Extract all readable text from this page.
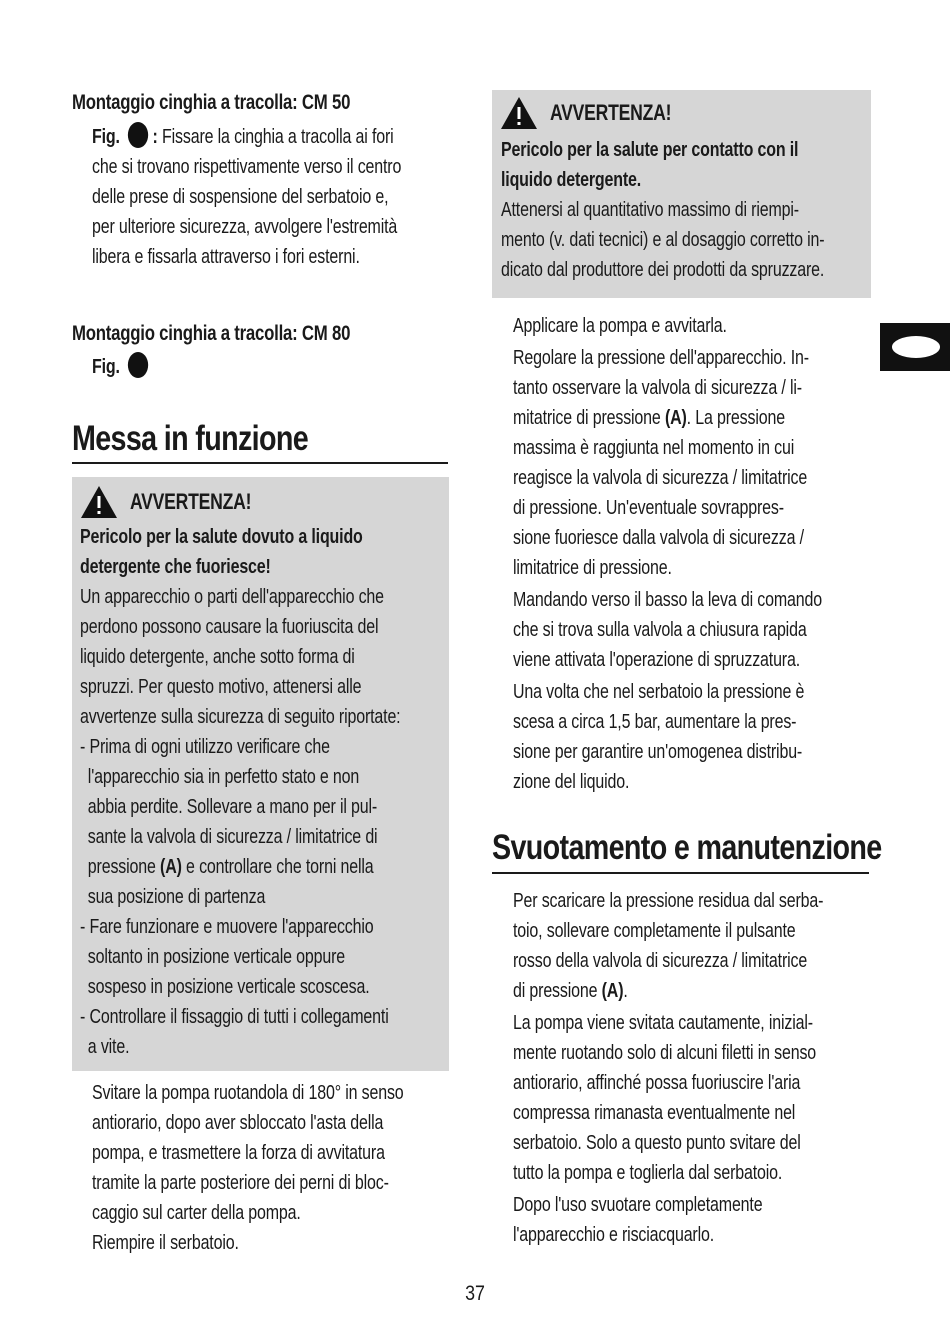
Montaggio cinghia a tracolla: CM 50
Fig. : Fissare la cinghia a tracolla ai fori
che si trovano rispettivamente verso il centro
delle prese di sospensione del serbatoio e,
per ulteriore sicurezza, avvolgere l'estremità
libera e fissarla attraverso i fori esterni.
Montaggio cinghia a tracolla: CM 80
Fig.
Messa in funzione
AVVERTENZA!
Pericolo per la salute dovuto a liquido
detergente che fuoriesce!
Un apparecchio o parti dell'apparecchio che
perdono possono causare la fuoriuscita del
liquido detergente, anche sotto forma di
spruzzi. Per questo motivo, attenersi alle
avvertenze sulla sicurezza di seguito riportate:
- Prima di ogni utilizzo verificare che
l'apparecchio sia in perfetto stato e non
abbia perdite. Sollevare a mano per il pul-
sante la valvola di sicurezza / limitatrice di
pressione (A) e controllare che torni nella
sua posizione di partenza
- Fare funzionare e muovere l'apparecchio
soltanto in posizione verticale oppure
sospeso in posizione verticale scoscesa.
- Controllare il fissaggio di tutti i collegamenti
a vite.
Svitare la pompa ruotandola di 180° in senso
antiorario, dopo aver sbloccato l'asta della
pompa, e trasmettere la forza di avvitatura
tramite la parte posteriore dei perni di bloc-
caggio sul carter della pompa.
Riempire il serbatoio.
AVVERTENZA!
Pericolo per la salute per contatto con il
liquido detergente.
Attenersi al quantitativo massimo di riempi-
mento (v. dati tecnici) e al dosaggio corretto in-
dicato dal produttore dei prodotti da spruzzare.
Applicare la pompa e avvitarla.
Regolare la pressione dell'apparecchio. In-
tanto osservare la valvola di sicurezza / li-
mitatrice di pressione (A). La pressione
massima è raggiunta nel momento in cui
reagisce la valvola di sicurezza / limitatrice
di pressione. Un'eventuale sovrappres-
sione fuoriesce dalla valvola di sicurezza /
limitatrice di pressione.
Mandando verso il basso la leva di comando
che si trova sulla valvola a chiusura rapida
viene attivata l'operazione di spruzzatura.
Una volta che nel serbatoio la pressione è
scesa a circa 1,5 bar, aumentare la pres-
sione per garantire un'omogenea distribu-
zione del liquido.
Svuotamento e manutenzione
Per scaricare la pressione residua dal serba-
toio, sollevare completamente il pulsante
rosso della valvola di sicurezza / limitatrice
di pressione (A).
La pompa viene svitata cautamente, inizial-
mente ruotando solo di alcuni filetti in senso
antiorario, affinché possa fuoriuscire l'aria
compressa rimanasta eventualmente nel
serbatoio. Solo a questo punto svitare del
tutto la pompa e toglierla dal serbatoio.
Dopo l'uso svuotare completamente
l'apparecchio e risciacquarlo.
37
